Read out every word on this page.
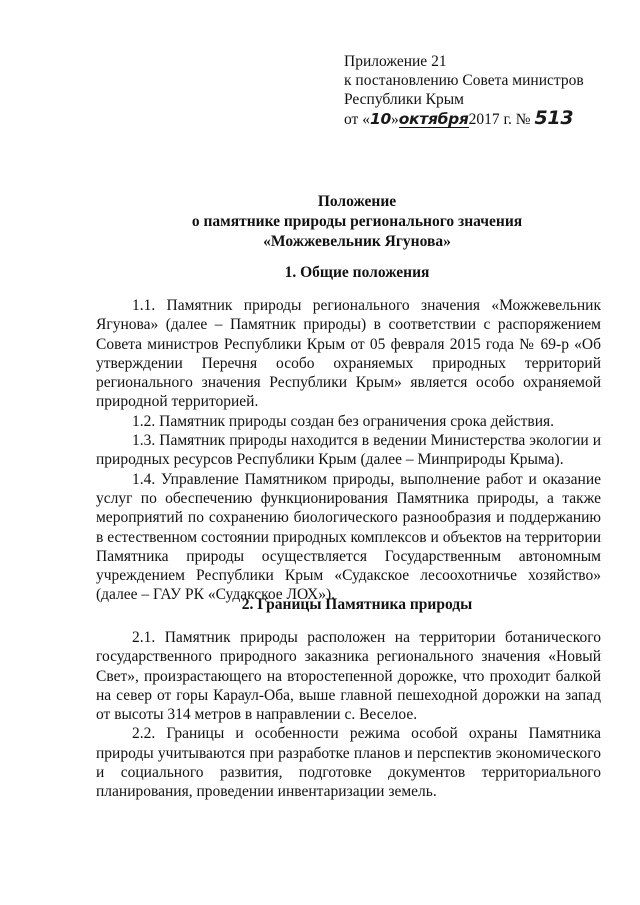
Приложение 21
к постановлению Совета министров
Республики Крым
от «10»октября2017 г. № 513
Положение
о памятнике природы регионального значения
«Можжевельник Ягунова»
1. Общие положения

1.1. Памятник природы регионального значения «Можжевельник Ягунова» (далее – Памятник природы) в соответствии с распоряжением Совета министров Республики Крым от 05 февраля 2015 года № 69-р «Об утверждении Перечня особо охраняемых природных территорий регионального значения Республики Крым» является особо охраняемой природной территорией.

1.2. Памятник природы создан без ограничения срока действия.

1.3. Памятник природы находится в ведении Министерства экологии и природных ресурсов Республики Крым (далее – Минприроды Крыма).

1.4. Управление Памятником природы, выполнение работ и оказание услуг по обеспечению функционирования Памятника природы, а также мероприятий по сохранению биологического разнообразия и поддержанию в естественном состоянии природных комплексов и объектов на территории Памятника природы осуществляется Государственным автономным учреждением Республики Крым «Судакское лесоохотничье хозяйство» (далее – ГАУ РК «Судакское ЛОХ»).

2. Границы Памятника природы

2.1. Памятник природы расположен на территории ботанического государственного природного заказника регионального значения «Новый Свет», произрастающего на второстепенной дорожке, что проходит балкой на север от горы Караул-Оба, выше главной пешеходной дорожки на запад от высоты 314 метров в направлении с. Веселое.

2.2. Границы и особенности режима особой охраны Памятника природы учитываются при разработке планов и перспектив экономического и социального развития, подготовке документов территориального планирования, проведении инвентаризации земель.
